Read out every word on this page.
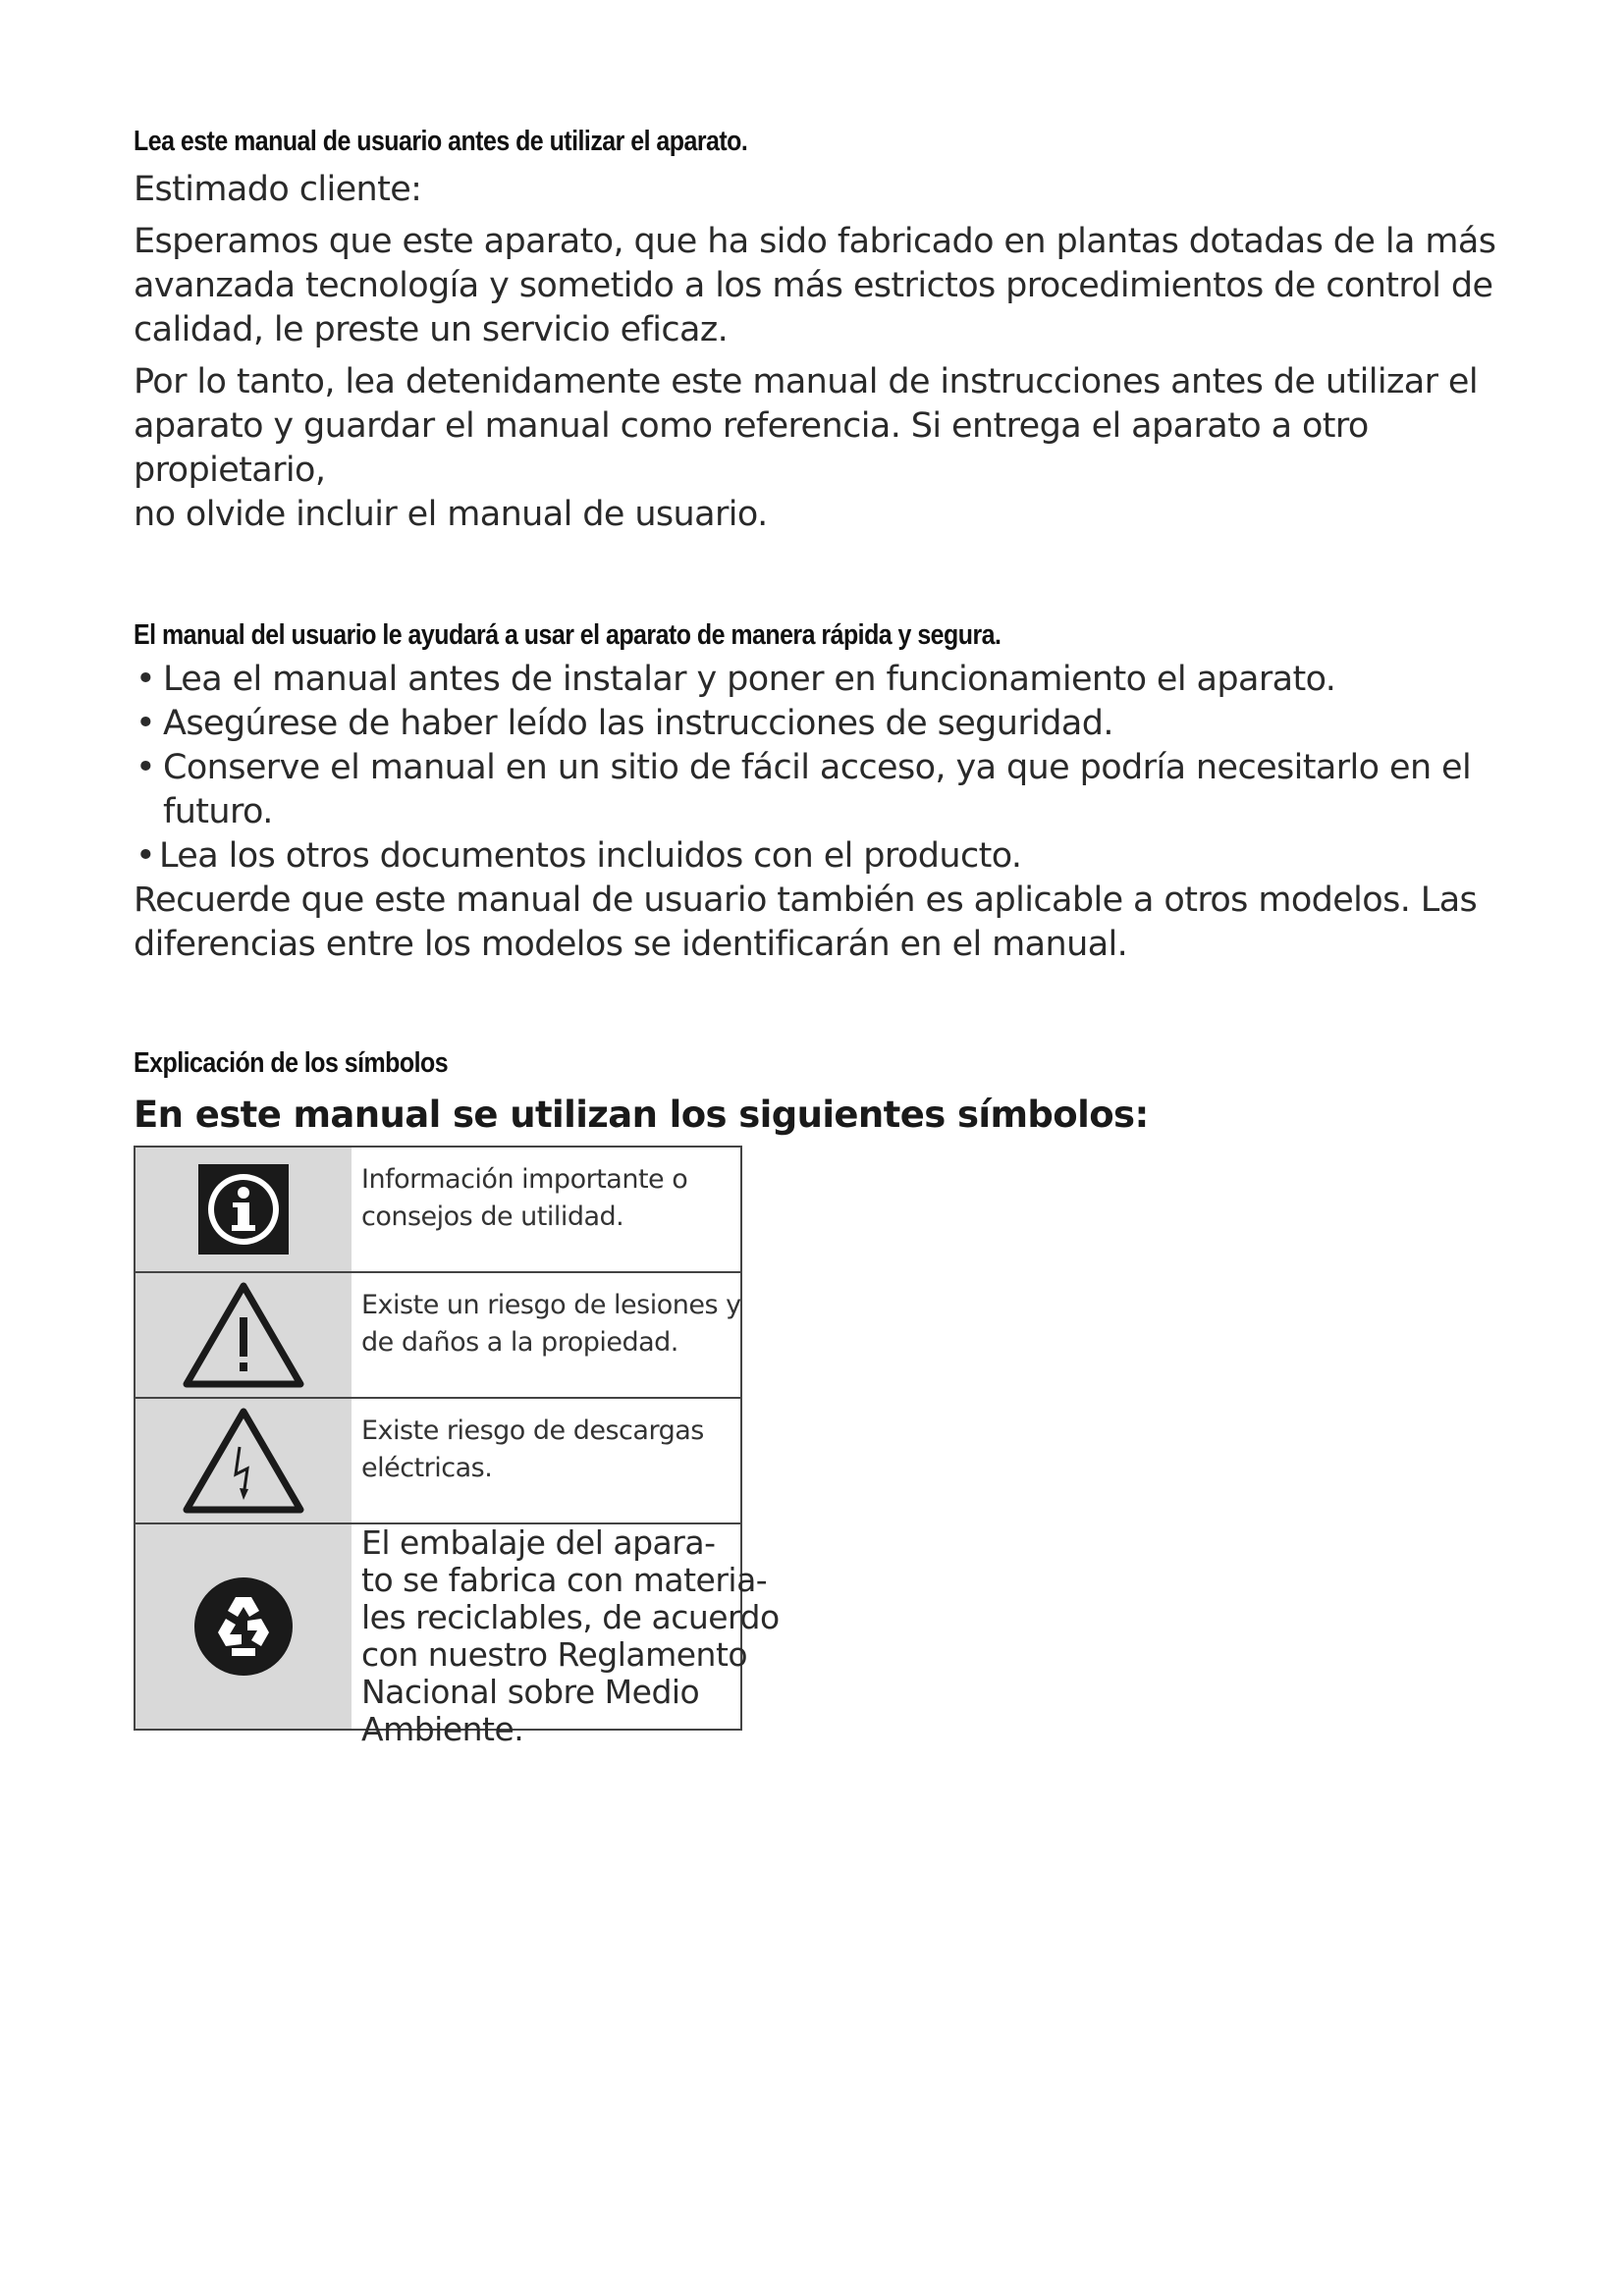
Lea este manual de usuario antes de utilizar el aparato.

Estimado cliente:

Esperamos que este aparato, que ha sido fabricado en plantas dotadas de la más
avanzada tecnología y sometido a los más estrictos procedimientos de control de
calidad, le preste un servicio eficaz.

Por lo tanto, lea detenidamente este manual de instrucciones antes de utilizar el
aparato y guardar el manual como referencia. Si entrega el aparato a otro propietario,
no olvide incluir el manual de usuario.

El manual del usuario le ayudará a usar el aparato de manera rápida y segura.
• Lea el manual antes de instalar y poner en funcionamiento el aparato.
• Asegúrese de haber leído las instrucciones de seguridad.
• Conserve el manual en un sitio de fácil acceso, ya que podría necesitarlo en el
futuro.
• Lea los otros documentos incluidos con el producto.

Recuerde que este manual de usuario también es aplicable a otros modelos. Las
diferencias entre los modelos se identificarán en el manual.

Explicación de los símbolos
En este manual se utilizan los siguientes símbolos:
Información importante o
consejos de utilidad.
Existe un riesgo de lesiones y
de daños a la propiedad.
Existe riesgo de descargas
eléctricas.
El embalaje del apara-
to se fabrica con materia-
les reciclables, de acuerdo
con nuestro Reglamento
Nacional sobre Medio
Ambiente.
